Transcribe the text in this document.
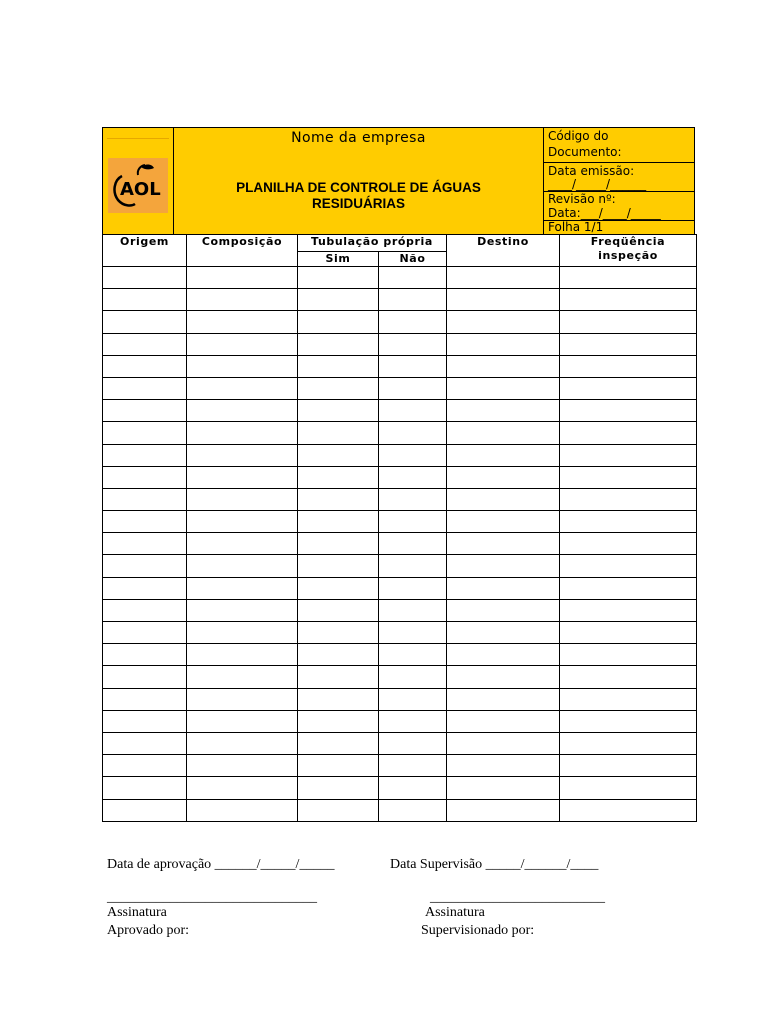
AOL
Nome da empresa
PLANILHA DE CONTROLE DE ÁGUAS
RESIDUÁRIAS
Código do
Documento:
Data emissão:
____/_____/______
Revisão nº:
Data:___/____/_____
Folha 1/1
Origem	Composição	Tubulação própria		Destino	Freqüência
inspeção

		Sim	Não		

Data de aprovação ______/_____/_____	Data Supervisão _____/______/____
______________________________	_________________________
Assinatura	Assinatura
Aprovado por:	Supervisionado por:
